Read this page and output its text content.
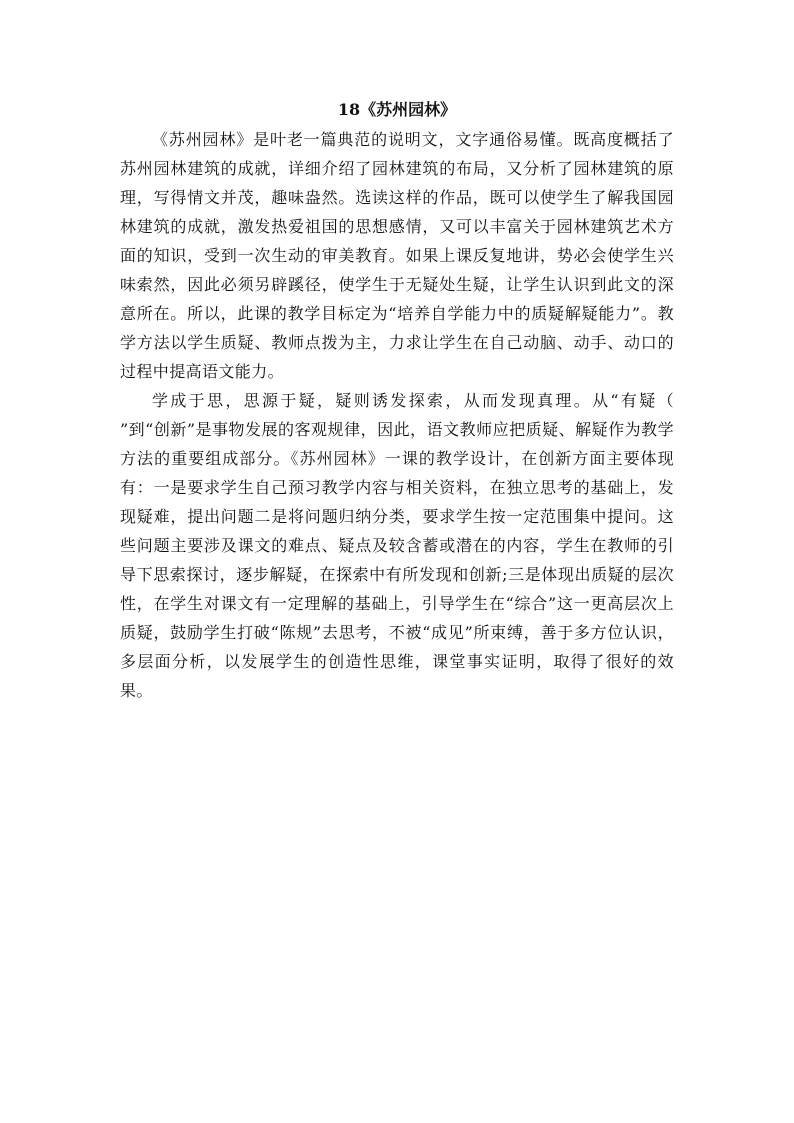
18《苏州园林》

《苏州园林》是叶老一篇典范的说明文，文字通俗易懂。既高度概括了苏州园林建筑的成就，详细介绍了园林建筑的布局，又分析了园林建筑的原理，写得情文并茂，趣味盎然。选读这样的作品，既可以使学生了解我国园林建筑的成就，激发热爱祖国的思想感情，又可以丰富关于园林建筑艺术方面的知识，受到一次生动的审美教育。如果上课反复地讲，势必会使学生兴味索然，因此必须另辟蹊径，使学生于无疑处生疑，让学生认识到此文的深意所在。所以，此课的教学目标定为“培养自学能力中的质疑解疑能力”。教学方法以学生质疑、教师点拨为主，力求让学生在自己动脑、动手、动口的过程中提高语文能力。

学成于思，思源于疑，疑则诱发探索，从而发现真理。从“有疑（ ”到“创新”是事物发展的客观规律，因此，语文教师应把质疑、解疑作为教学方法的重要组成部分。《苏州园林》一课的教学设计，在创新方面主要体现有：一是要求学生自己预习教学内容与相关资料，在独立思考的基础上，发现疑难，提出问题二是将问题归纳分类，要求学生按一定范围集中提问。这些问题主要涉及课文的难点、疑点及较含蓄或潜在的内容，学生在教师的引导下思索探讨，逐步解疑，在探索中有所发现和创新;三是体现出质疑的层次性，在学生对课文有一定理解的基础上，引导学生在“综合”这一更高层次上质疑，鼓励学生打破“陈规”去思考，不被“成见”所束缚，善于多方位认识，多层面分析，以发展学生的创造性思维，课堂事实证明，取得了很好的效果。
